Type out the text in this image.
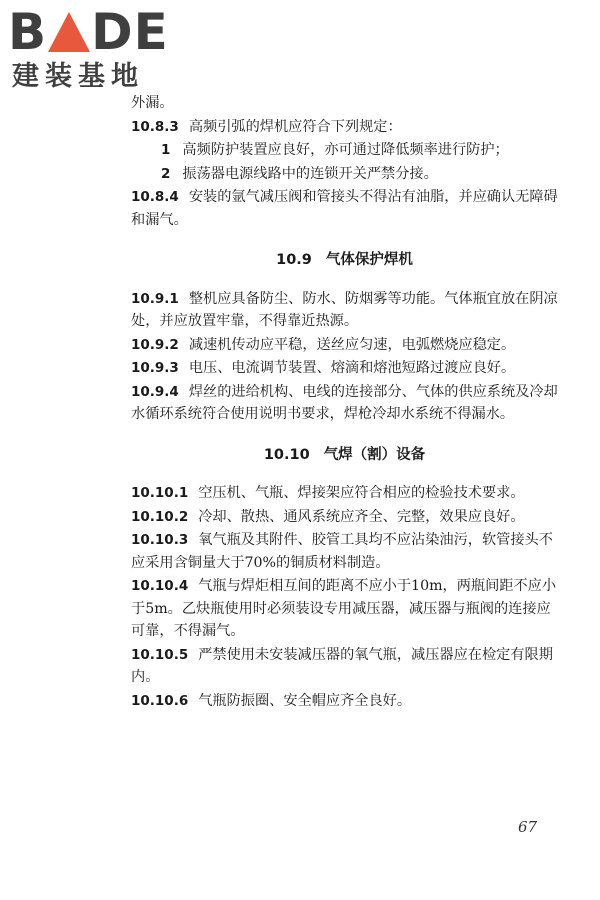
B DE
建装基地

外漏。

10.8.3 高频引弧的焊机应符合下列规定：

1 高频防护装置应良好，亦可通过降低频率进行防护；

2 振荡器电源线路中的连锁开关严禁分接。

10.8.4 安装的氩气减压阀和管接头不得沾有油脂，并应确认无障碍和漏气。

10.9 气体保护焊机

10.9.1 整机应具备防尘、防水、防烟雾等功能。气体瓶宜放在阴凉处，并应放置牢靠，不得靠近热源。

10.9.2 减速机传动应平稳，送丝应匀速，电弧燃烧应稳定。

10.9.3 电压、电流调节装置、熔滴和熔池短路过渡应良好。

10.9.4 焊丝的进给机构、电线的连接部分、气体的供应系统及冷却水循环系统符合使用说明书要求，焊枪冷却水系统不得漏水。

10.10 气焊（割）设备

10.10.1 空压机、气瓶、焊接架应符合相应的检验技术要求。

10.10.2 冷却、散热、通风系统应齐全、完整，效果应良好。

10.10.3 氧气瓶及其附件、胶管工具均不应沾染油污，软管接头不应采用含铜量大于70%的铜质材料制造。

10.10.4 气瓶与焊炬相互间的距离不应小于10m，两瓶间距不应小于5m。乙炔瓶使用时必须装设专用减压器，减压器与瓶阀的连接应可靠，不得漏气。

10.10.5 严禁使用未安装减压器的氧气瓶，减压器应在检定有限期内。

10.10.6 气瓶防振圈、安全帽应齐全良好。

67
